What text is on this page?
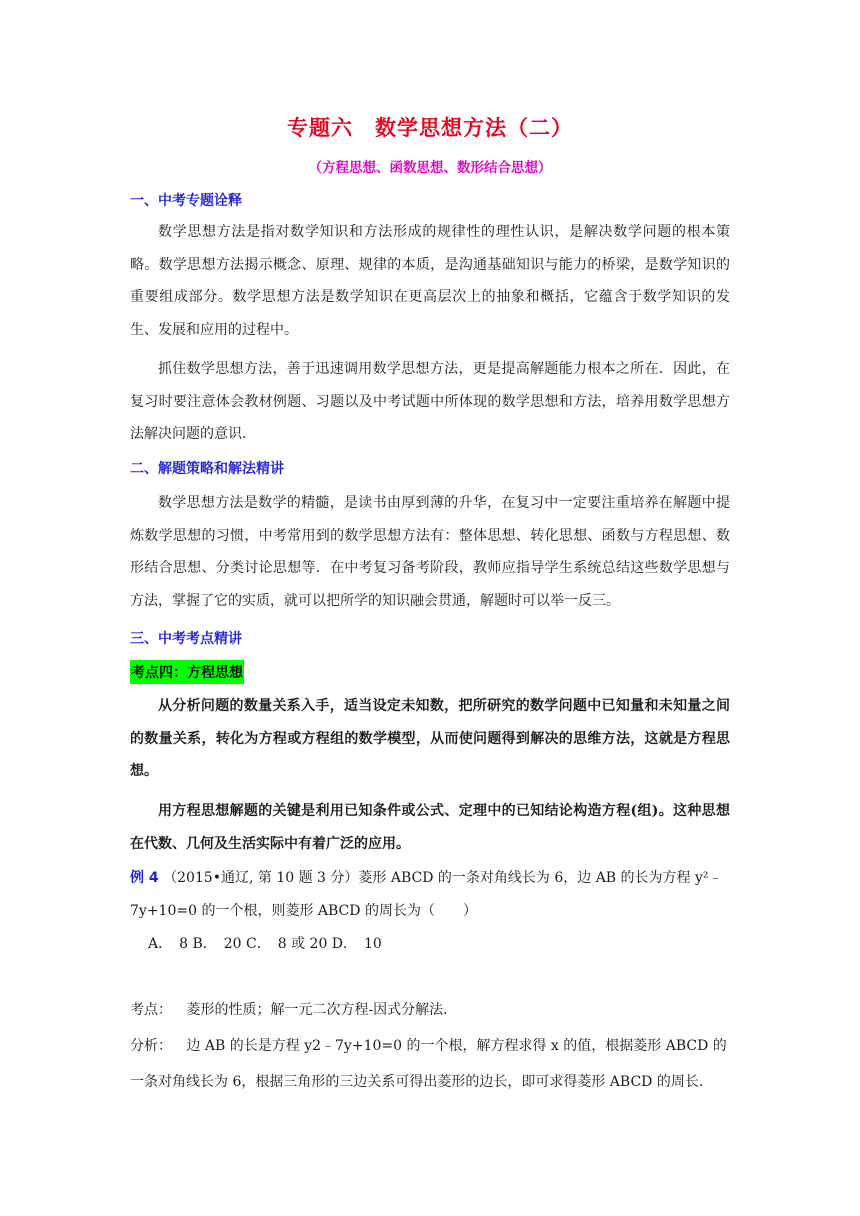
专题六　数学思想方法（二）
（方程思想、函数思想、数形结合思想）
一、中考专题诠释
数学思想方法是指对数学知识和方法形成的规律性的理性认识，是解决数学问题的根本策略。数学思想方法揭示概念、原理、规律的本质，是沟通基础知识与能力的桥梁，是数学知识的重要组成部分。数学思想方法是数学知识在更高层次上的抽象和概括，它蕴含于数学知识的发生、发展和应用的过程中。
抓住数学思想方法，善于迅速调用数学思想方法，更是提高解题能力根本之所在．因此，在复习时要注意体会教材例题、习题以及中考试题中所体现的数学思想和方法，培养用数学思想方法解决问题的意识．
二、解题策略和解法精讲
数学思想方法是数学的精髓，是读书由厚到薄的升华，在复习中一定要注重培养在解题中提炼数学思想的习惯，中考常用到的数学思想方法有：整体思想、转化思想、函数与方程思想、数形结合思想、分类讨论思想等．在中考复习备考阶段，教师应指导学生系统总结这些数学思想与方法，掌握了它的实质，就可以把所学的知识融会贯通，解题时可以举一反三。
三、中考考点精讲
考点四：方程思想
从分析问题的数量关系入手，适当设定未知数，把所研究的数学问题中已知量和未知量之间的数量关系，转化为方程或方程组的数学模型，从而使问题得到解决的思维方法，这就是方程思想。
用方程思想解题的关键是利用已知条件或公式、定理中的已知结论构造方程(组)。这种思想在代数、几何及生活实际中有着广泛的应用。
例 4 （2015•通辽, 第 10 题 3 分）菱形 ABCD 的一条对角线长为 6，边 AB 的长为方程 y²﹣
7y+10=0 的一个根，则菱形 ABCD 的周长为（　　）
A．　8 B．　20 C．　8 或 20 D．　10
考点： 菱形的性质；解一元二次方程-因式分解法．
分析： 边 AB 的长是方程 y2﹣7y+10=0 的一个根，解方程求得 x 的值，根据菱形 ABCD 的
一条对角线长为 6，根据三角形的三边关系可得出菱形的边长，即可求得菱形 ABCD 的周长．
